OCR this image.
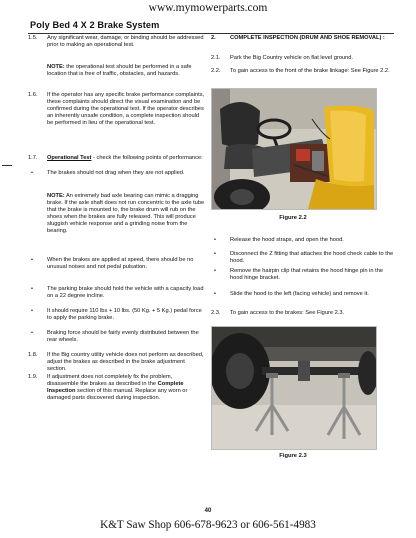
www.mymowerparts.com
Poly Bed 4 X 2 Brake System
1.5. Any significant wear, damage, or binding should be addressed prior to making an operational test.

NOTE: the operational test should be performed in a safe location that is free of traffic, obstacles, and hazards.

1.6. If the operator has any specific brake performance complaints, these complaints should direct the visual examination and be confirmed during the operational test. If the operator describes an inherently unsafe condition, a complete inspection should be performed in lieu of the operational test.

1.7. Operational Test - check the following points of performance:

• The brakes should not drag when they are not applied.

NOTE: An extremely bad axle bearing can mimic a dragging brake. If the axle shaft does not run concentric to the axle tube that the brake is mounted to, the brake drum will rub on the shoes when the brakes are fully released. This will produce sluggish vehicle response and a grinding noise from the bearing.

• When the brakes are applied at speed, there should be no unusual noises and not pedal pulsation.

• The parking brake should hold the vehicle with a capacity load on a 22 degree incline.

• It should require 110 lbs + 10 lbs. (50 Kg. + 5 Kg.) pedal force to apply the parking brake.

• Braking force should be fairly evenly distributed between the rear wheels.

1.8. If the Big country utility vehicle does not perform as described, adjust the brakes as described in the brake adjustment section.

1.9. If adjustment does not completely fix the problem, disassemble the brakes as described in the Complete Inspection section of this manual. Replace any worn or damaged parts discovered during inspection.

2.	COMPLETE INSPECTION (DRUM AND SHOE REMOVAL) :
2.1. Park the Big Country vehicle on flat level ground.

2.2. To gain access to the front of the brake linkage: See Figure 2.2.

Figure 2.2
• Release the hood straps, and open the hood.

• Disconnect the Z fitting that attaches the hood check cable to the hood.

• Remove the hairpin clip that retains the hood hinge pin in the hood hinge bracket.

• Slide the hood to the left (facing vehicle) and remove it.

2.3. To gain access to the brakes: See Figure 2.3.

Figure 2.3
40
K&T Saw Shop 606-678-9623 or 606-561-4983
